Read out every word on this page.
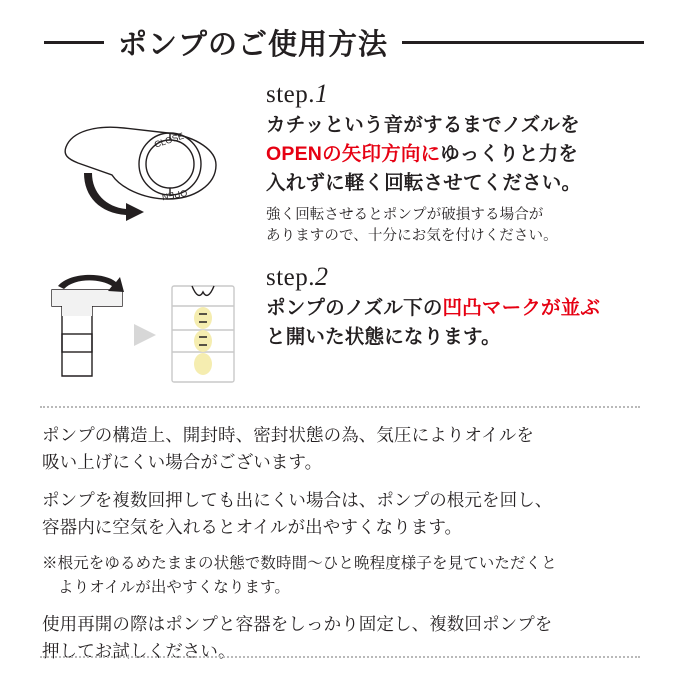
ポンプのご使用方法
CLOSE
OPEN
step.1
カチッという音がするまでノズルを
OPENの矢印方向にゆっくりと力を
入れずに軽く回転させてください。
強く回転させるとポンプが破損する場合が
ありますので、十分にお気を付けください。
step.2
ポンプのノズル下の凹凸マークが並ぶ
と開いた状態になります。

ポンプの構造上、開封時、密封状態の為、気圧によりオイルを
吸い上げにくい場合がございます。

ポンプを複数回押しても出にくい場合は、ポンプの根元を回し、
容器内に空気を入れるとオイルが出やすくなります。

※根元をゆるめたままの状態で数時間〜ひと晩程度様子を見ていただくと
よりオイルが出やすくなります。

使用再開の際はポンプと容器をしっかり固定し、複数回ポンプを
押してお試しください。
